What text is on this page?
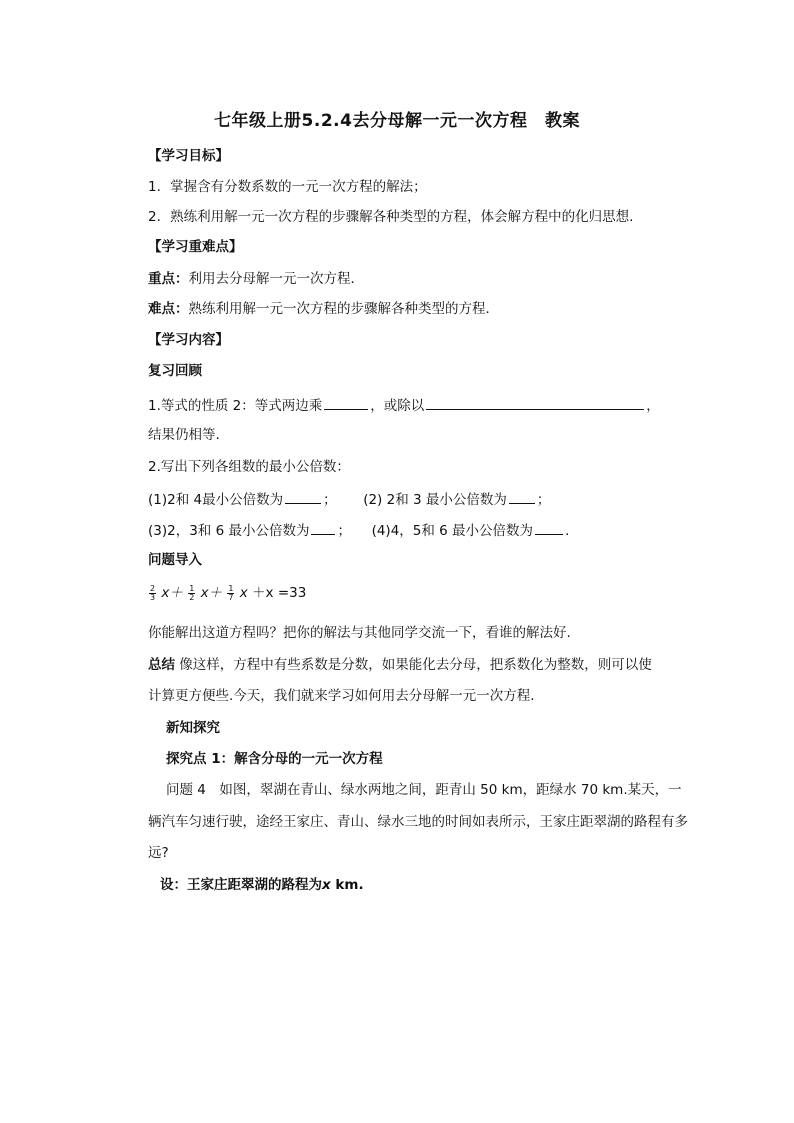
七年级上册5.2.4去分母解一元一次方程　教案
【学习目标】
1．掌握含有分数系数的一元一次方程的解法；
2．熟练利用解一元一次方程的步骤解各种类型的方程，体会解方程中的化归思想.
【学习重难点】
重点：利用去分母解一元一次方程．
难点：熟练利用解一元一次方程的步骤解各种类型的方程．
【学习内容】
复习回顾
1.等式的性质 2：等式两边乘	，或除以	，
结果仍相等.
2.写出下列各组数的最小公倍数：
(1)2和 4最小公倍数为	； (2) 2和 3 最小公倍数为 ；
(3)2，3和 6 最小公倍数为 ； (4)4，5和 6 最小公倍数为 .
问题导入
$\frac{2}{3} x+ \frac{1}{2} x+ \frac{1}{7}$ x ＋x =33
你能解出这道方程吗？把你的解法与其他同学交流一下，看谁的解法好.
总结 像这样，方程中有些系数是分数，如果能化去分母，把系数化为整数，则可以使
计算更方便些.今天，我们就来学习如何用去分母解一元一次方程.
新知探究
探究点 1：解含分母的一元一次方程
问题 4　如图，翠湖在青山、绿水两地之间，距青山 50 km，距绿水 70 km.某天，一
辆汽车匀速行驶，途经王家庄、青山、绿水三地的时间如表所示，王家庄距翠湖的路程有多
远?
设：王家庄距翠湖的路程为x km.
